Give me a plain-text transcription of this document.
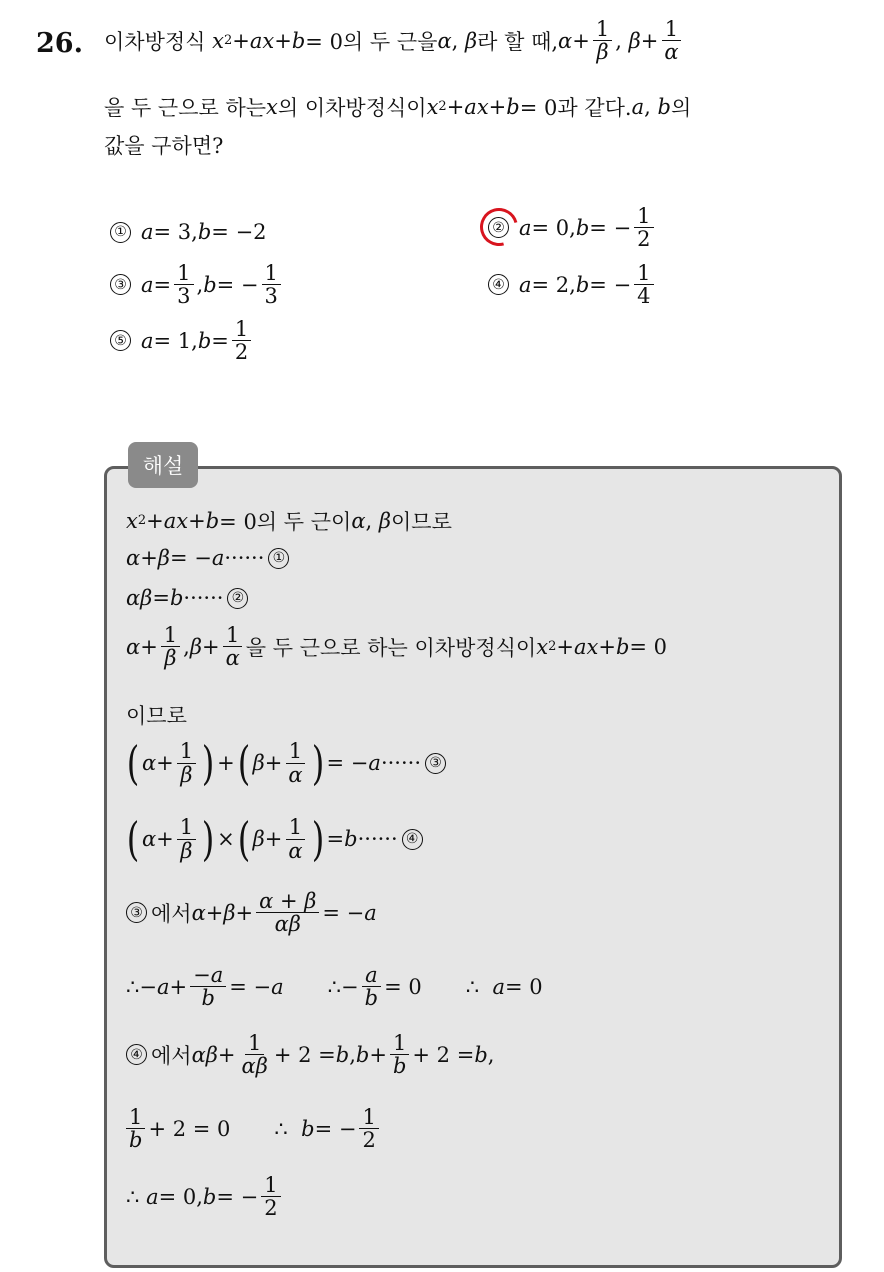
26. 이차방정식
x 2 + ax + b = 0의 두 근을 α ,
β 라 할 때, $\alpha + \frac{1}{\beta}$ ,
$\beta + \frac{1}{\alpha}$
을 두 근으로 하는 x 의 이차방정식이 x 2 + ax + b = 0과 같다. a ,
b 의
값을 구하면?
① a = 3, b = −2	② a = 0, b = − $\frac{1}{2}$
③ $a = \frac{1}{3}$ , b = − $\frac{1}{3}$	④ a = 2, b = − $\frac{1}{4}$
⑤ a = 1, $b = \frac{1}{2}$
해설
x 2 + ax + b = 0의 두 근이 α ,
β 이므로
α + β = − a ······ ①
αβ = b ······ ②
$\alpha + \frac{1}{\beta}$ , $\beta + \frac{1}{\alpha}$ 을 두 근으로 하는 이차방정식이 x 2 + ax + b = 0
이므로
( $\alpha + \frac{1}{\beta}$ ) + ( $\beta + \frac{1}{\alpha}$ ) = − a ······ ③
( $\alpha + \frac{1}{\beta}$ ) × ( $\beta + \frac{1}{\alpha}$ ) = b ······ ④
③ 에서 $\alpha + \beta + \frac{\alpha + \beta}{\alpha\beta}$ = − a
∴ − $a + \frac{-a}{b}$ = − a ∴ − $\frac{a}{b} = 0$ ∴
a = 0
④ 에서 $\alpha\beta + \frac{1}{\alpha\beta} + 2 = b$ , $b + \frac{1}{b} + 2 = b$ ,
$\frac{1}{b} + 2 = 0$ ∴
b = − $\frac{1}{2}$
∴
a = 0, b = − $\frac{1}{2}$
